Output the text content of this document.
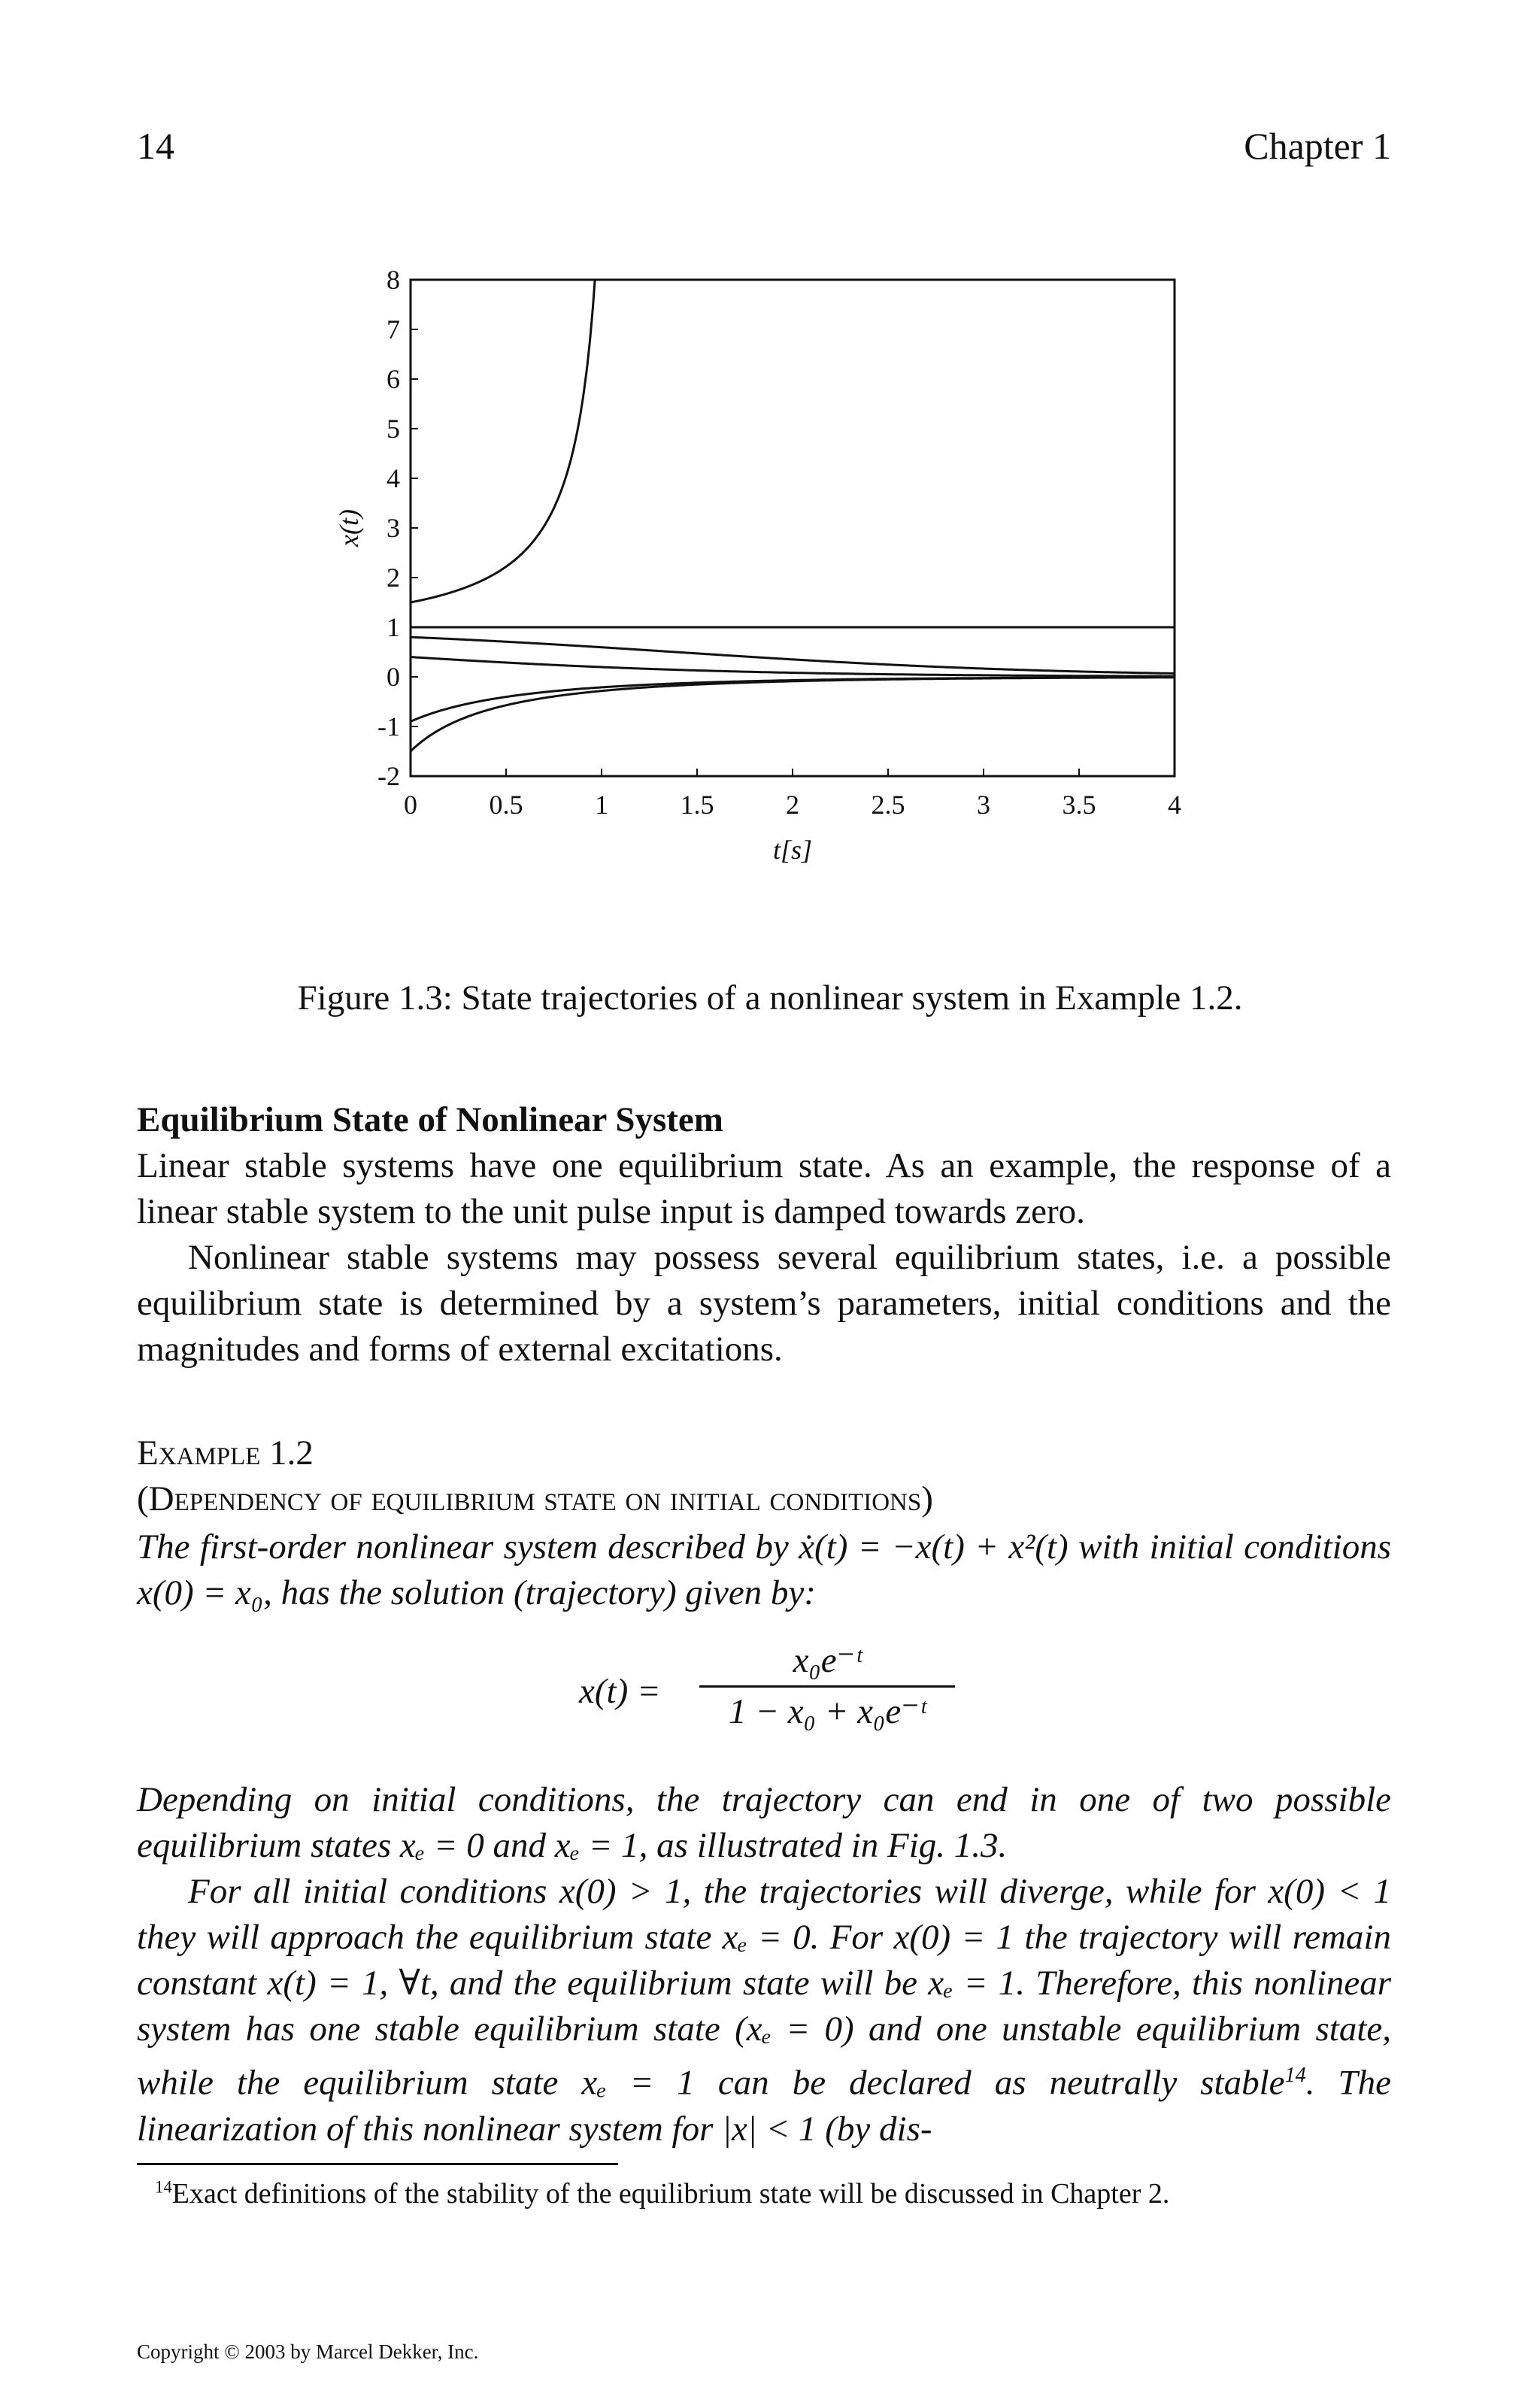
14	Chapter 1
0	0.5	1	1.5	2	2.5	3	3.5	4
8
7
6
5
4
3
2
1
0
-1
-2
t[s]
x(t)
Figure 1.3: State trajectories of a nonlinear system in Example 1.2.
Equilibrium State of Nonlinear System

Linear stable systems have one equilibrium state. As an example, the response of a linear stable system to the unit pulse input is damped towards zero.

Nonlinear stable systems may possess several equilibrium states, i.e. a possible equilibrium state is determined by a system’s parameters, initial conditions and the magnitudes and forms of external excitations.

Example 1.2
(Dependency of equilibrium state on initial conditions)

The first-order nonlinear system described by ẋ(t) = −x(t) + x²(t) with initial conditions x(0) = x₀, has the solution (trajectory) given by:

x(t) =
x₀e⁻ᵗ
1 − x₀ + x₀e⁻ᵗ

Depending on initial conditions, the trajectory can end in one of two possible equilibrium states xₑ = 0 and xₑ = 1, as illustrated in Fig. 1.3.

For all initial conditions x(0) > 1, the trajectories will diverge, while for x(0) < 1 they will approach the equilibrium state xₑ = 0. For x(0) = 1 the trajectory will remain constant x(t) = 1, ∀t, and the equilibrium state will be xₑ = 1. Therefore, this nonlinear system has one stable equilibrium state (xₑ = 0) and one unstable equilibrium state, while the equilibrium state xₑ = 1 can be declared as neutrally stable$^{14}$. The linearization of this nonlinear system for |x| < 1 (by dis-

$^{14}$Exact definitions of the stability of the equilibrium state will be discussed in Chapter 2.
Copyright © 2003 by Marcel Dekker, Inc.
